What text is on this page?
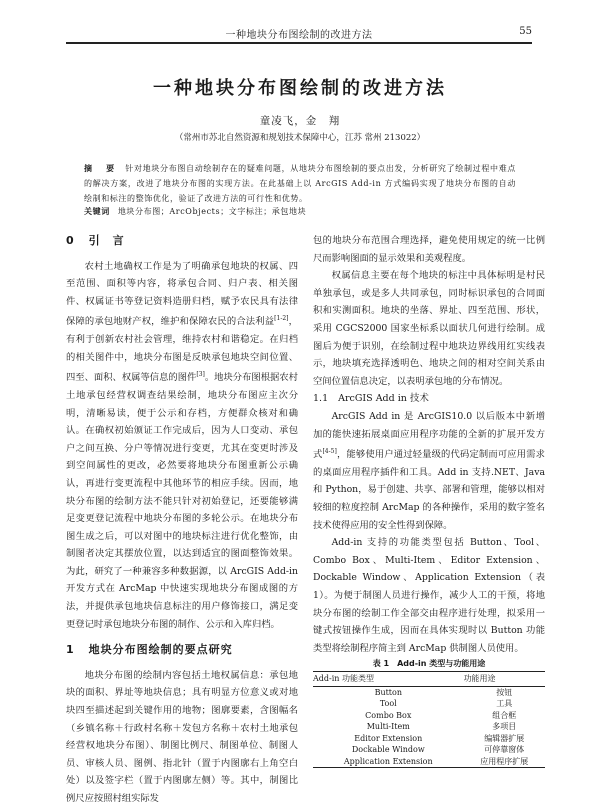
一种地块分布图绘制的改进方法	55
一种地块分布图绘制的改进方法
童凌飞，金　翔
（常州市苏北自然资源和规划技术保障中心，江苏 常州 213022）
摘　要 针对地块分布图自动绘制存在的疑难问题，从地块分布图绘制的要点出发，分析研究了绘制过程中难点的解决方案，改进了地块分布图的实现方法。在此基础上以 ArcGIS Add-in 方式编码实现了地块分布图的自动绘制和标注的整饰优化，验证了改进方法的可行性和优势。
关键词 地块分布图；ArcObjects；文字标注；承包地块
0 引　言

农村土地确权工作是为了明确承包地块的权属、四至范围、面积等内容，将承包合同、归户表、相关图件、权属证书等登记资料造册归档，赋予农民具有法律保障的承包地财产权，维护和保障农民的合法利益[1-2]，有利于创新农村社会管理，维持农村和谐稳定。在归档的相关图件中，地块分布图是反映承包地块空间位置、四至、面积、权属等信息的图件[3]。地块分布图根据农村土地承包经营权调查结果绘制，地块分布图应主次分明，清晰易读，便于公示和存档，方便群众核对和确认。在确权初始颁证工作完成后，因为人口变动、承包户之间互换、分户等情况进行变更，尤其在变更时涉及到空间属性的更改，必然要将地块分布图重新公示确认，再进行变更流程中其他环节的相应手续。因而，地块分布图的绘制方法不能只针对初始登记，还要能够满足变更登记流程中地块分布图的多轮公示。在地块分布图生成之后，可以对图中的地块标注进行优化整饰，由制图者决定其摆放位置，以达到适宜的图面整饰效果。为此，研究了一种兼容多种数据源，以 ArcGIS Add-in 开发方式在 ArcMap 中快速实现地块分布图成图的方法，并提供承包地块信息标注的用户修饰接口，满足变更登记时承包地块分布图的制作、公示和入库归档。

1 地块分布图绘制的要点研究

地块分布图的绘制内容包括土地权属信息：承包地块的面积、界址等地块信息；具有明显方位意义或对地块四至描述起到关键作用的地物；图廓要素，含图幅名（乡镇名称＋行政村名称＋发包方名称＋农村土地承包经营权地块分布图）、制图比例尺、制图单位、制图人员、审核人员、图例、指北针（置于内图廓右上角空白处）以及签字栏（置于内图廓左侧）等。其中，制图比例尺应按照村组实际发

包的地块分布范围合理选择，避免使用规定的统一比例尺而影响图面的显示效果和美观程度。

权属信息主要在每个地块的标注中具体标明是村民单独承包，或是多人共同承包，同时标识承包的合同面积和实测面积。地块的坐落、界址、四至范围、形状，采用 CGCS2000 国家坐标系以面状几何进行绘制。成图后为便于识别，在绘制过程中地块边界线用红实线表示，地块填充选择透明色、地块之间的相对空间关系由空间位置信息决定，以表明承包地的分布情况。

1.1 ArcGIS Add in 技术

ArcGIS Add in 是 ArcGIS10.0 以后版本中新增加的能快速拓展桌面应用程序功能的全新的扩展开发方式[4-5]，能够使用户通过轻量级的代码定制而可应用需求的桌面应用程序插件和工具。Add in 支持.NET、Java 和 Python，易于创建、共享、部署和管理，能够以相对较细的粒度控制 ArcMap 的各种操作，采用的数字签名技术使得应用的安全性得到保障。

Add-in 支持的功能类型包括 Button、Tool、Combo Box、Multi-Item、Editor Extension、Dockable Window、Application Extension（表 1）。为便于制图人员进行操作，减少人工的干预，将地块分布图的绘制工作全部交由程序进行处理，拟采用一键式按钮操作生成，因而在具体实现时以 Button 功能类型将绘制程序简主到 ArcMap 供制图人员使用。

表 1　Add-in 类型与功能用途
Add-in 功能类型	功能用途
Button	按钮
Tool	工具
Combo Box	组合框
Multi-Item	多项目
Editor Extension	编辑器扩展
Dockable Window	可停靠窗体
Application Extension	应用程序扩展
